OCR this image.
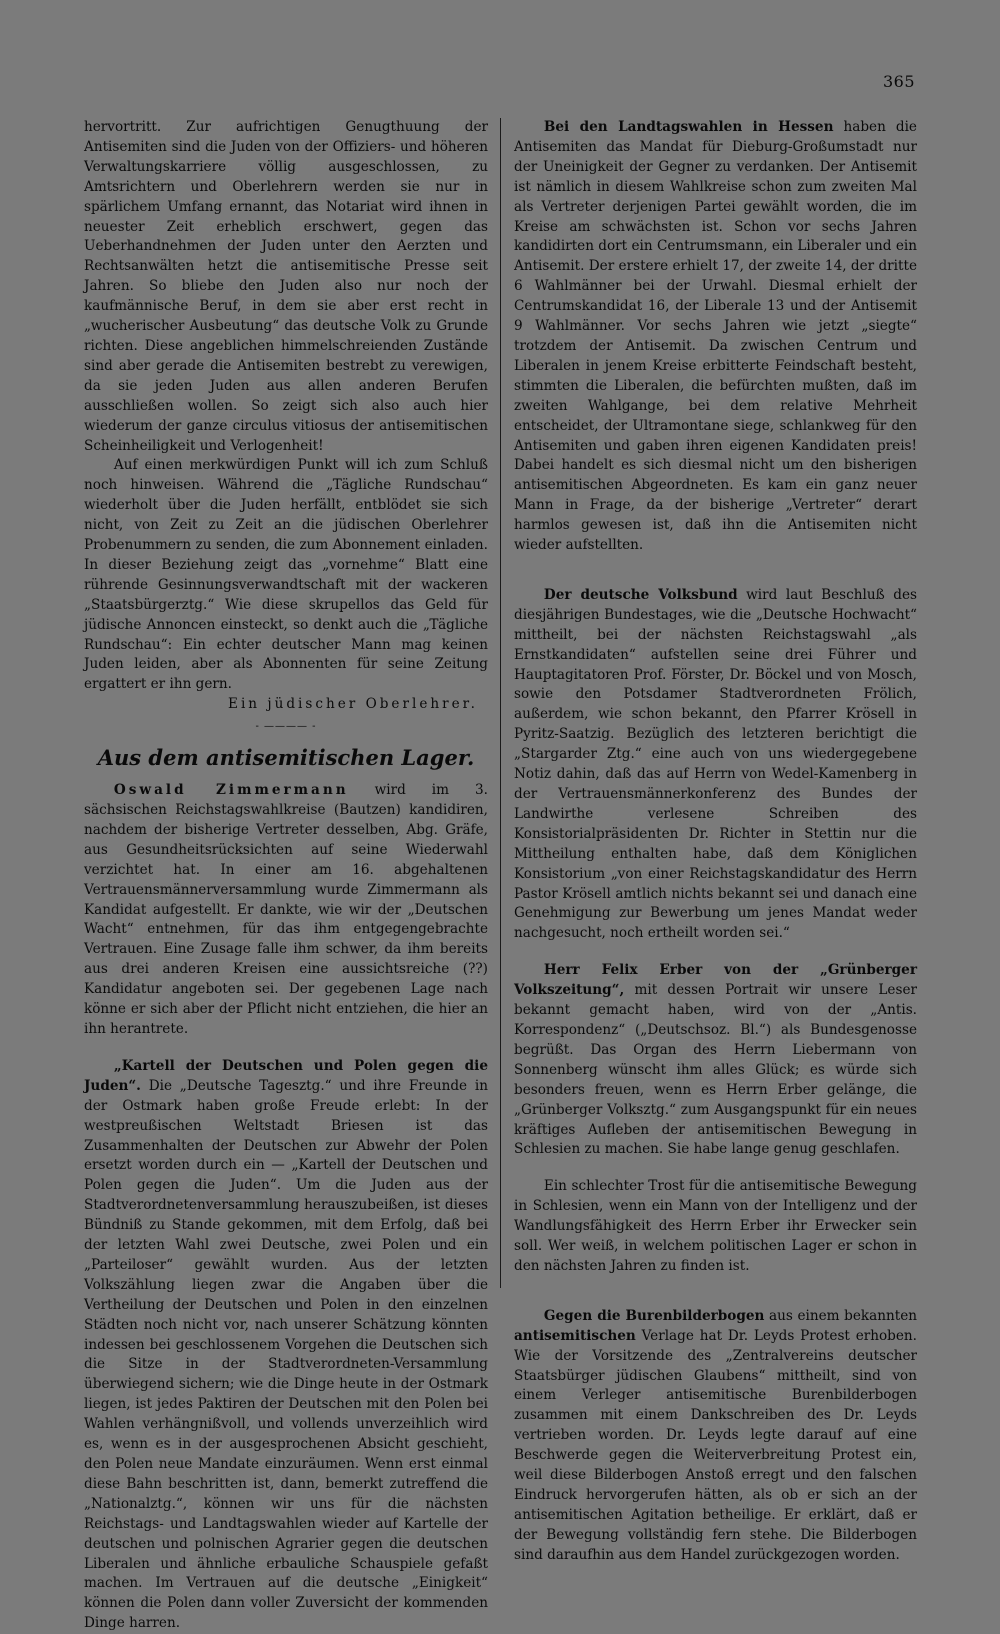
365

hervortritt. Zur aufrichtigen Genugthuung der Antisemiten sind die Juden von der Offiziers- und höheren Verwaltungskarriere völlig ausgeschlossen, zu Amtsrichtern und Oberlehrern werden sie nur in spärlichem Umfang ernannt, das Notariat wird ihnen in neuester Zeit erheblich erschwert, gegen das Ueberhandnehmen der Juden unter den Aerzten und Rechtsanwälten hetzt die antisemitische Presse seit Jahren. So bliebe den Juden also nur noch der kaufmännische Beruf, in dem sie aber erst recht in „wucherischer Ausbeutung“ das deutsche Volk zu Grunde richten. Diese angeblichen himmelschreienden Zustände sind aber gerade die Antisemiten bestrebt zu verewigen, da sie jeden Juden aus allen anderen Berufen ausschließen wollen. So zeigt sich also auch hier wiederum der ganze circulus vitiosus der antisemitischen Scheinheiligkeit und Verlogenheit!

Auf einen merkwürdigen Punkt will ich zum Schluß noch hinweisen. Während die „Tägliche Rundschau“ wiederholt über die Juden herfällt, entblödet sie sich nicht, von Zeit zu Zeit an die jüdischen Oberlehrer Probenummern zu senden, die zum Abonnement einladen. In dieser Beziehung zeigt das „vornehme“ Blatt eine rührende Gesinnungsverwandtschaft mit der wackeren „Staatsbürgerztg.“ Wie diese skrupellos das Geld für jüdische Annoncen einsteckt, so denkt auch die „Tägliche Rundschau“: Ein echter deutscher Mann mag keinen Juden leiden, aber als Abonnenten für seine Zeitung ergattert er ihn gern.

Ein jüdischer Oberlehrer.

- ———— -
Aus dem antisemitischen Lager.

Oswald Zimmermann wird im 3. sächsischen Reichstagswahlkreise (Bautzen) kandidiren, nachdem der bisherige Vertreter desselben, Abg. Gräfe, aus Gesundheitsrücksichten auf seine Wiederwahl verzichtet hat. In einer am 16. abgehaltenen Vertrauensmännerversammlung wurde Zimmermann als Kandidat aufgestellt. Er dankte, wie wir der „Deutschen Wacht“ entnehmen, für das ihm entgegengebrachte Vertrauen. Eine Zusage falle ihm schwer, da ihm bereits aus drei anderen Kreisen eine aussichtsreiche (??) Kandidatur angeboten sei. Der gegebenen Lage nach könne er sich aber der Pflicht nicht entziehen, die hier an ihn herantrete.

„Kartell der Deutschen und Polen gegen die Juden“. Die „Deutsche Tagesztg.“ und ihre Freunde in der Ostmark haben große Freude erlebt: In der westpreußischen Weltstadt Briesen ist das Zusammenhalten der Deutschen zur Abwehr der Polen ersetzt worden durch ein — „Kartell der Deutschen und Polen gegen die Juden“. Um die Juden aus der Stadtverordnetenversammlung herauszubeißen, ist dieses Bündniß zu Stande gekommen, mit dem Erfolg, daß bei der letzten Wahl zwei Deutsche, zwei Polen und ein „Parteiloser“ gewählt wurden. Aus der letzten Volkszählung liegen zwar die Angaben über die Vertheilung der Deutschen und Polen in den einzelnen Städten noch nicht vor, nach unserer Schätzung könnten indessen bei geschlossenem Vorgehen die Deutschen sich die Sitze in der Stadtverordneten-Versammlung überwiegend sichern; wie die Dinge heute in der Ostmark liegen, ist jedes Paktiren der Deutschen mit den Polen bei Wahlen verhängnißvoll, und vollends unverzeihlich wird es, wenn es in der ausgesprochenen Absicht geschieht, den Polen neue Mandate einzuräumen. Wenn erst einmal diese Bahn beschritten ist, dann, bemerkt zutreffend die „Nationalztg.“, können wir uns für die nächsten Reichstags- und Landtagswahlen wieder auf Kartelle der deutschen und polnischen Agrarier gegen die deutschen Liberalen und ähnliche erbauliche Schauspiele gefaßt machen. Im Vertrauen auf die deutsche „Einigkeit“ können die Polen dann voller Zuversicht der kommenden Dinge harren.

Bei den Landtagswahlen in Hessen haben die Antisemiten das Mandat für Dieburg-Großumstadt nur der Uneinigkeit der Gegner zu verdanken. Der Antisemit ist nämlich in diesem Wahlkreise schon zum zweiten Mal als Vertreter derjenigen Partei gewählt worden, die im Kreise am schwächsten ist. Schon vor sechs Jahren kandidirten dort ein Centrumsmann, ein Liberaler und ein Antisemit. Der erstere erhielt 17, der zweite 14, der dritte 6 Wahlmänner bei der Urwahl. Diesmal erhielt der Centrumskandidat 16, der Liberale 13 und der Antisemit 9 Wahlmänner. Vor sechs Jahren wie jetzt „siegte“ trotzdem der Antisemit. Da zwischen Centrum und Liberalen in jenem Kreise erbitterte Feindschaft besteht, stimmten die Liberalen, die befürchten mußten, daß im zweiten Wahlgange, bei dem relative Mehrheit entscheidet, der Ultramontane siege, schlankweg für den Antisemiten und gaben ihren eigenen Kandidaten preis! Dabei handelt es sich diesmal nicht um den bisherigen antisemitischen Abgeordneten. Es kam ein ganz neuer Mann in Frage, da der bisherige „Vertreter“ derart harmlos gewesen ist, daß ihn die Antisemiten nicht wieder aufstellten.

Der deutsche Volksbund wird laut Beschluß des diesjährigen Bundestages, wie die „Deutsche Hochwacht“ mittheilt, bei der nächsten Reichstagswahl „als Ernstkandidaten“ aufstellen seine drei Führer und Hauptagitatoren Prof. Förster, Dr. Böckel und von Mosch, sowie den Potsdamer Stadtverordneten Frölich, außerdem, wie schon bekannt, den Pfarrer Krösell in Pyritz-Saatzig. Bezüglich des letzteren berichtigt die „Stargarder Ztg.“ eine auch von uns wiedergegebene Notiz dahin, daß das auf Herrn von Wedel-Kamenberg in der Vertrauensmännerkonferenz des Bundes der Landwirthe verlesene Schreiben des Konsistorialpräsidenten Dr. Richter in Stettin nur die Mittheilung enthalten habe, daß dem Königlichen Konsistorium „von einer Reichstagskandidatur des Herrn Pastor Krösell amtlich nichts bekannt sei und danach eine Genehmigung zur Bewerbung um jenes Mandat weder nachgesucht, noch ertheilt worden sei.“

Herr Felix Erber von der „Grünberger Volkszeitung“, mit dessen Portrait wir unsere Leser bekannt gemacht haben, wird von der „Antis. Korrespondenz“ („Deutschsoz. Bl.“) als Bundesgenosse begrüßt. Das Organ des Herrn Liebermann von Sonnenberg wünscht ihm alles Glück; es würde sich besonders freuen, wenn es Herrn Erber gelänge, die „Grünberger Volksztg.“ zum Ausgangspunkt für ein neues kräftiges Aufleben der antisemitischen Bewegung in Schlesien zu machen. Sie habe lange genug geschlafen.

Ein schlechter Trost für die antisemitische Bewegung in Schlesien, wenn ein Mann von der Intelligenz und der Wandlungsfähigkeit des Herrn Erber ihr Erwecker sein soll. Wer weiß, in welchem politischen Lager er schon in den nächsten Jahren zu finden ist.

Gegen die Burenbilderbogen aus einem bekannten antisemitischen Verlage hat Dr. Leyds Protest erhoben. Wie der Vorsitzende des „Zentralvereins deutscher Staatsbürger jüdischen Glaubens“ mittheilt, sind von einem Verleger antisemitische Burenbilderbogen zusammen mit einem Dankschreiben des Dr. Leyds vertrieben worden. Dr. Leyds legte darauf auf eine Beschwerde gegen die Weiterverbreitung Protest ein, weil diese Bilderbogen Anstoß erregt und den falschen Eindruck hervorgerufen hätten, als ob er sich an der antisemitischen Agitation betheilige. Er erklärt, daß er der Bewegung vollständig fern stehe. Die Bilderbogen sind daraufhin aus dem Handel zurückgezogen worden.
